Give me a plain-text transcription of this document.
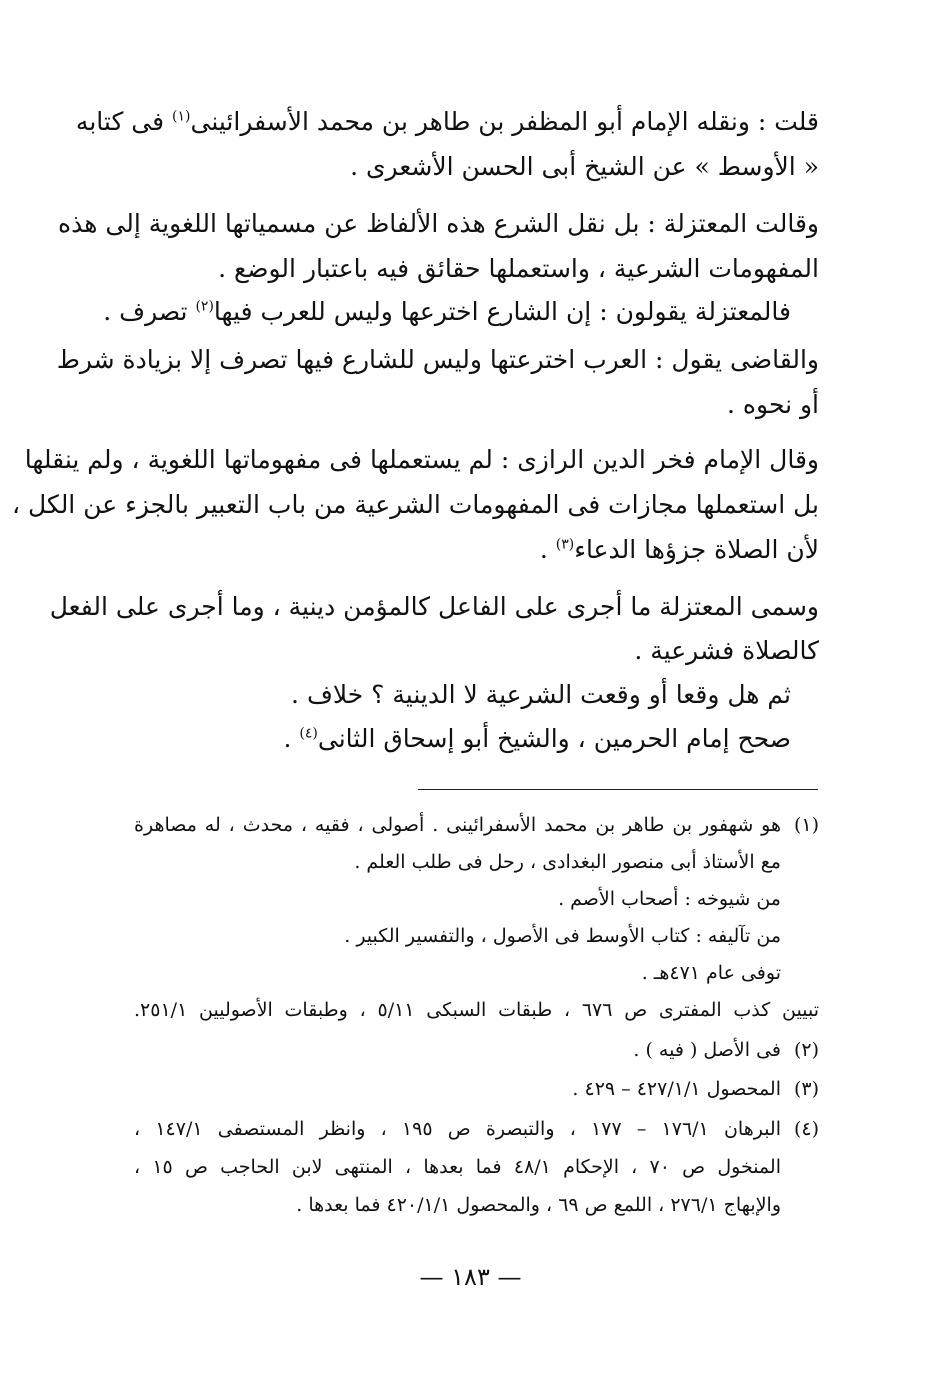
قلت : ونقله الإمام أبو المظفر بن طاهر بن محمد الأسفرائينى$^{(١)}$ فى كتابه
« الأوسط » عن الشيخ أبى الحسن الأشعرى .
وقالت المعتزلة : بل نقل الشرع هذه الألفاظ عن مسمياتها اللغوية إلى هذه
المفهومات الشرعية ، واستعملها حقائق فيه باعتبار الوضع .
فالمعتزلة يقولون : إن الشارع اخترعها وليس للعرب فيها$^{(٢)}$ تصرف .
والقاضى يقول : العرب اخترعتها وليس للشارع فيها تصرف إلا بزيادة شرط
أو نحوه .
وقال الإمام فخر الدين الرازى : لم يستعملها فى مفهوماتها اللغوية ، ولم ينقلها
بل استعملها مجازات فى المفهومات الشرعية من باب التعبير بالجزء عن الكل ،
لأن الصلاة جزؤها الدعاء$^{(٣)}$ .
وسمى المعتزلة ما أجرى على الفاعل كالمؤمن دينية ، وما أجرى على الفعل
كالصلاة فشرعية .
ثم هل وقعا أو وقعت الشرعية لا الدينية ؟ خلاف .
صحح إمام الحرمين ، والشيخ أبو إسحاق الثانى$^{(٤)}$ .
(١)
هو شهفور بن طاهر بن محمد الأسفرائينى . أصولى ، فقيه ، محدث ، له مصاهرة
مع الأستاذ أبى منصور البغدادى ، رحل فى طلب العلم .
من شيوخه : أصحاب الأصم .
من تآليفه : كتاب الأوسط فى الأصول ، والتفسير الكبير .
توفى عام ٤٧١هـ .
تبيين كذب المفترى ص ٦٧٦ ، طبقات السبكى ٥/١١ ، وطبقات الأصوليين ٢٥١/١.
(٢)
فى الأصل ( فيه ) .
(٣)
المحصول ٤٢٧/١/١ – ٤٢٩ .
(٤)
البرهان ١٧٦/١ – ١٧٧ ، والتبصرة ص ١٩٥ ، وانظر المستصفى ١٤٧/١ ،
المنخول ص ٧٠ ، الإحكام ٤٨/١ فما بعدها ، المنتهى لابن الحاجب ص ١٥ ،
والإبهاج ٢٧٦/١ ، اللمع ص ٦٩ ، والمحصول ٤٢٠/١/١ فما بعدها .
— ١٨٣ —
